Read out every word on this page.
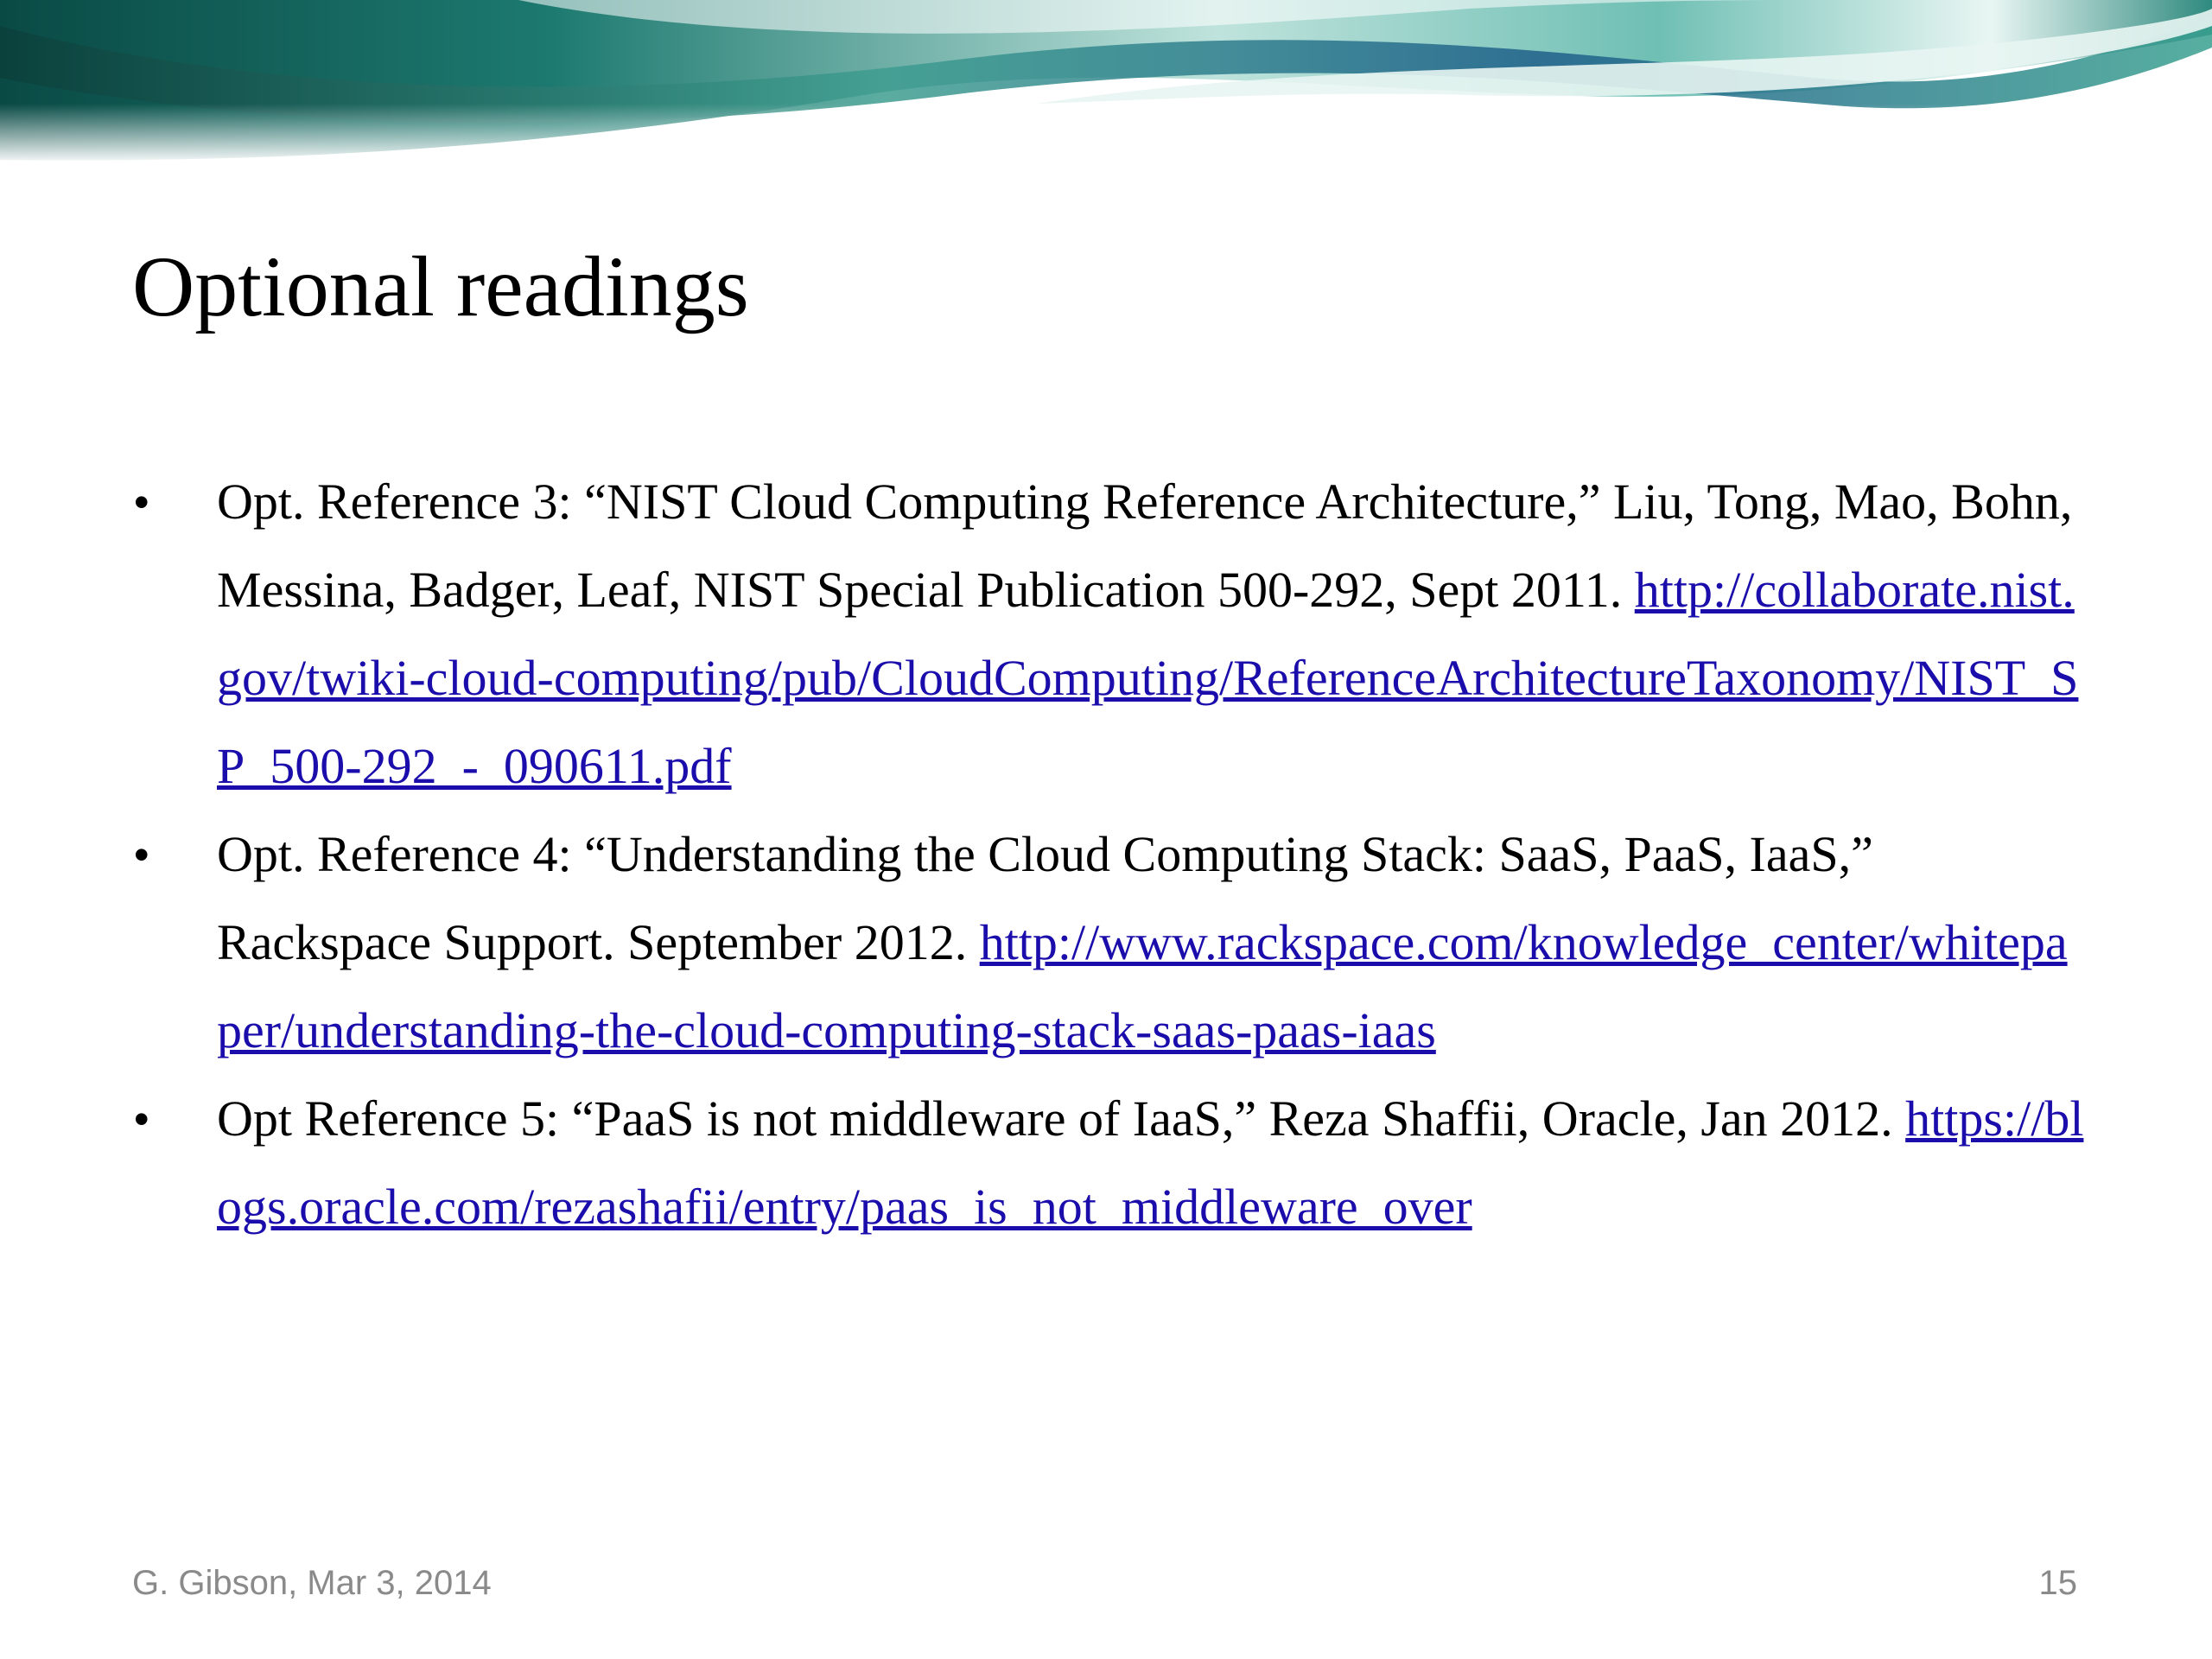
Optional readings
• Opt. Reference 3: “NIST Cloud Computing Reference Architecture,” Liu, Tong, Mao, Bohn, Messina, Badger, Leaf, NIST Special Publication 500-292, Sept 2011. http://collaborate.nist.gov/twiki-cloud-computing/pub/CloudComputing/ReferenceArchitectureTaxonomy/NIST_SP_500-292_-_090611.pdf
• Opt. Reference 4: “Understanding the Cloud Computing Stack: SaaS, PaaS, IaaS,” Rackspace Support. September 2012. http://www.rackspace.com/knowledge_center/whitepaper/understanding-the-cloud-computing-stack-saas-paas-iaas
• Opt Reference 5: “PaaS is not middleware of IaaS,” Reza Shaffii, Oracle, Jan 2012. https://blogs.oracle.com/rezashafii/entry/paas_is_not_middleware_over
G. Gibson, Mar 3, 2014	15
